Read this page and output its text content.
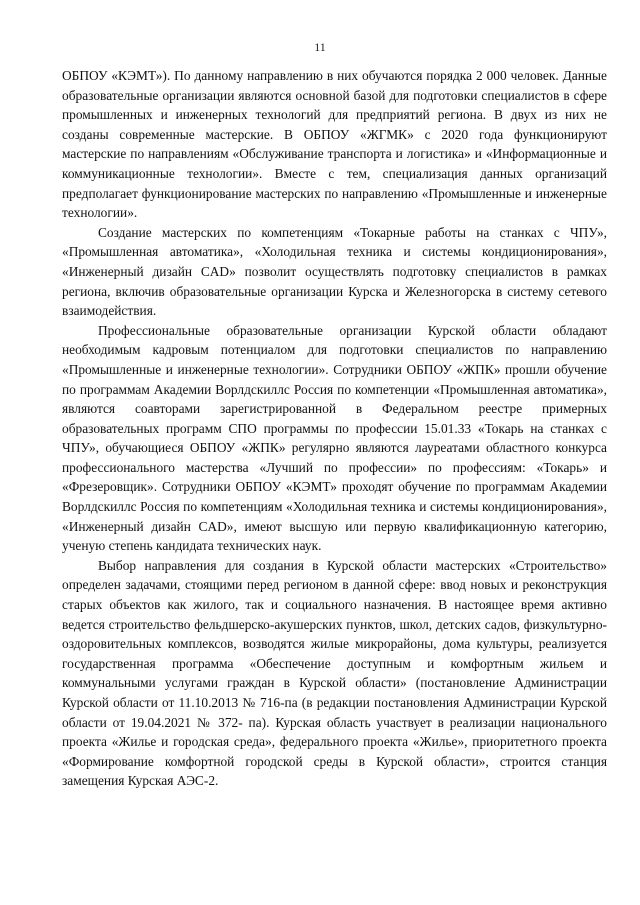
11

ОБПОУ «КЭМТ»). По данному направлению в них обучаются порядка 2 000 человек. Данные образовательные организации являются основной базой для подготовки специалистов в сфере промышленных и инженерных технологий для предприятий региона. В двух из них не созданы современные мастерские. В ОБПОУ «ЖГМК» с 2020 года функционируют мастерские по направлениям «Обслуживание транспорта и логистика» и «Информационные и коммуникационные технологии». Вместе с тем, специализация данных организаций предполагает функционирование мастерских по направлению «Промышленные и инженерные технологии».

Создание мастерских по компетенциям «Токарные работы на станках с ЧПУ», «Промышленная автоматика», «Холодильная техника и системы кондиционирования», «Инженерный дизайн CAD» позволит осуществлять подготовку специалистов в рамках региона, включив образовательные организации Курска и Железногорска в систему сетевого взаимодействия.

Профессиональные образовательные организации Курской области обладают необходимым кадровым потенциалом для подготовки специалистов по направлению «Промышленные и инженерные технологии». Сотрудники ОБПОУ «ЖПК» прошли обучение по программам Академии Ворлдскиллс Россия по компетенции «Промышленная автоматика», являются соавторами зарегистрированной в Федеральном реестре примерных образовательных программ СПО программы по профессии 15.01.33 «Токарь на станках с ЧПУ», обучающиеся ОБПОУ «ЖПК» регулярно являются лауреатами областного конкурса профессионального мастерства «Лучший по профессии» по профессиям: «Токарь» и «Фрезеровщик». Сотрудники ОБПОУ «КЭМТ» проходят обучение по программам Академии Ворлдскиллс Россия по компетенциям «Холодильная техника и системы кондиционирования», «Инженерный дизайн CAD», имеют высшую или первую квалификационную категорию, ученую степень кандидата технических наук.

Выбор направления для создания в Курской области мастерских «Строительство» определен задачами, стоящими перед регионом в данной сфере: ввод новых и реконструкция старых объектов как жилого, так и социального назначения. В настоящее время активно ведется строительство фельдшерско-акушерских пунктов, школ, детских садов, физкультурно-оздоровительных комплексов, возводятся жилые микрорайоны, дома культуры, реализуется государственная программа «Обеспечение доступным и комфортным жильем и коммунальными услугами граждан в Курской области» (постановление Администрации Курской области от 11.10.2013 № 716-па (в редакции постановления Администрации Курской области от 19.04.2021 № 372- па). Курская область участвует в реализации национального проекта «Жилье и городская среда», федерального проекта «Жилье», приоритетного проекта «Формирование комфортной городской среды в Курской области», строится станция замещения Курская АЭС-2.
